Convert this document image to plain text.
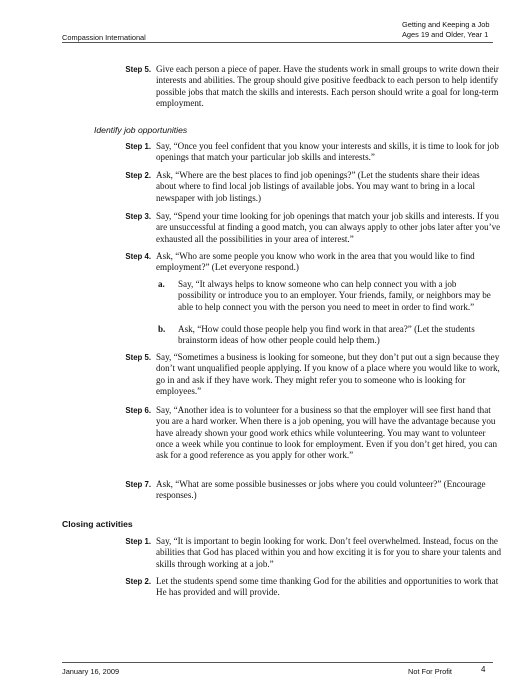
Compassion International
Getting and Keeping a Job
Ages 19 and Older, Year 1
Step 5. Give each person a piece of paper. Have the students work in small groups to write down their interests and abilities. The group should give positive feedback to each person to help identify possible jobs that match the skills and interests. Each person should write a goal for long-term employment.
Identify job opportunities
Step 1. Say, “Once you feel confident that you know your interests and skills, it is time to look for job openings that match your particular job skills and interests.”
Step 2. Ask, “Where are the best places to find job openings?” (Let the students share their ideas about where to find local job listings of available jobs. You may want to bring in a local newspaper with job listings.)
Step 3. Say, “Spend your time looking for job openings that match your job skills and interests. If you are unsuccessful at finding a good match, you can always apply to other jobs later after you’ve exhausted all the possibilities in your area of interest.”
Step 4. Ask, “Who are some people you know who work in the area that you would like to find employment?” (Let everyone respond.)
a.	Say, “It always helps to know someone who can help connect you with a job possibility or introduce you to an employer. Your friends, family, or neighbors may be able to help connect you with the person you need to meet in order to find work.”
b.	Ask, “How could those people help you find work in that area?” (Let the students brainstorm ideas of how other people could help them.)
Step 5. Say, “Sometimes a business is looking for someone, but they don’t put out a sign because they don’t want unqualified people applying. If you know of a place where you would like to work, go in and ask if they have work. They might refer you to someone who is looking for employees.”
Step 6. Say, “Another idea is to volunteer for a business so that the employer will see first hand that you are a hard worker. When there is a job opening, you will have the advantage because you have already shown your good work ethics while volunteering. You may want to volunteer once a week while you continue to look for employment. Even if you don’t get hired, you can ask for a good reference as you apply for other work.”
Step 7. Ask, “What are some possible businesses or jobs where you could volunteer?” (Encourage responses.)
Closing activities
Step 1. Say, “It is important to begin looking for work. Don’t feel overwhelmed. Instead, focus on the abilities that God has placed within you and how exciting it is for you to share your talents and skills through working at a job.”
Step 2. Let the students spend some time thanking God for the abilities and opportunities to work that He has provided and will provide.
January 16, 2009	Not For Profit	4
